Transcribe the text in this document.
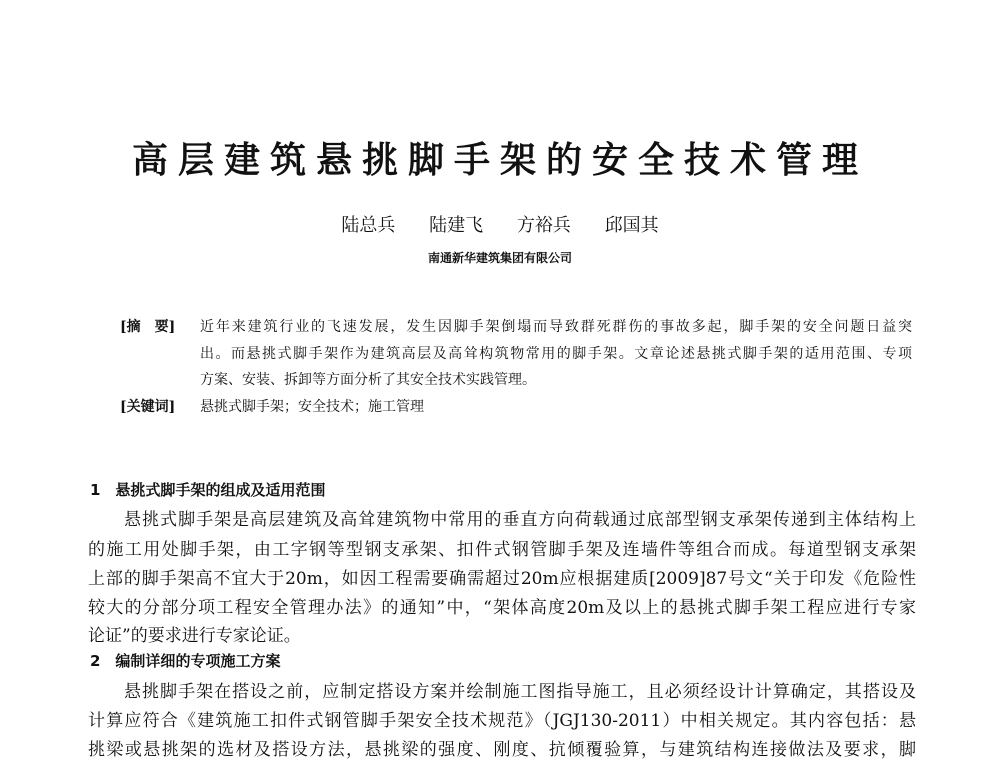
高层建筑悬挑脚手架的安全技术管理
陆总兵 陆建飞 方裕兵 邱国其
南通新华建筑集团有限公司
[摘　要] 近年来建筑行业的飞速发展，发生因脚手架倒塌而导致群死群伤的事故多起，脚手架的安全问题日益突
出。而悬挑式脚手架作为建筑高层及高耸构筑物常用的脚手架。文章论述悬挑式脚手架的适用范围、专项
方案、安装、拆卸等方面分析了其安全技术实践管理。
[关键词] 悬挑式脚手架；安全技术；施工管理
1　悬挑式脚手架的组成及适用范围
悬挑式脚手架是高层建筑及高耸建筑物中常用的垂直方向荷载通过底部型钢支承架传递到主体结构上
的施工用处脚手架，由工字钢等型钢支承架、扣件式钢管脚手架及连墙件等组合而成。每道型钢支承架
上部的脚手架高不宜大于20m，如因工程需要确需超过20m应根据建质[2009]87号文“关于印发《危险性
较大的分部分项工程安全管理办法》的通知”中，“架体高度20m及以上的悬挑式脚手架工程应进行专家
论证”的要求进行专家论证。
2　编制详细的专项施工方案
悬挑脚手架在搭设之前，应制定搭设方案并绘制施工图指导施工，且必须经设计计算确定，其搭设及
计算应符合《建筑施工扣件式钢管脚手架安全技术规范》（JGJ130-2011）中相关规定。其内容包括：悬
挑梁或悬挑架的选材及搭设方法，悬挑梁的强度、刚度、抗倾覆验算，与建筑结构连接做法及要求，脚
